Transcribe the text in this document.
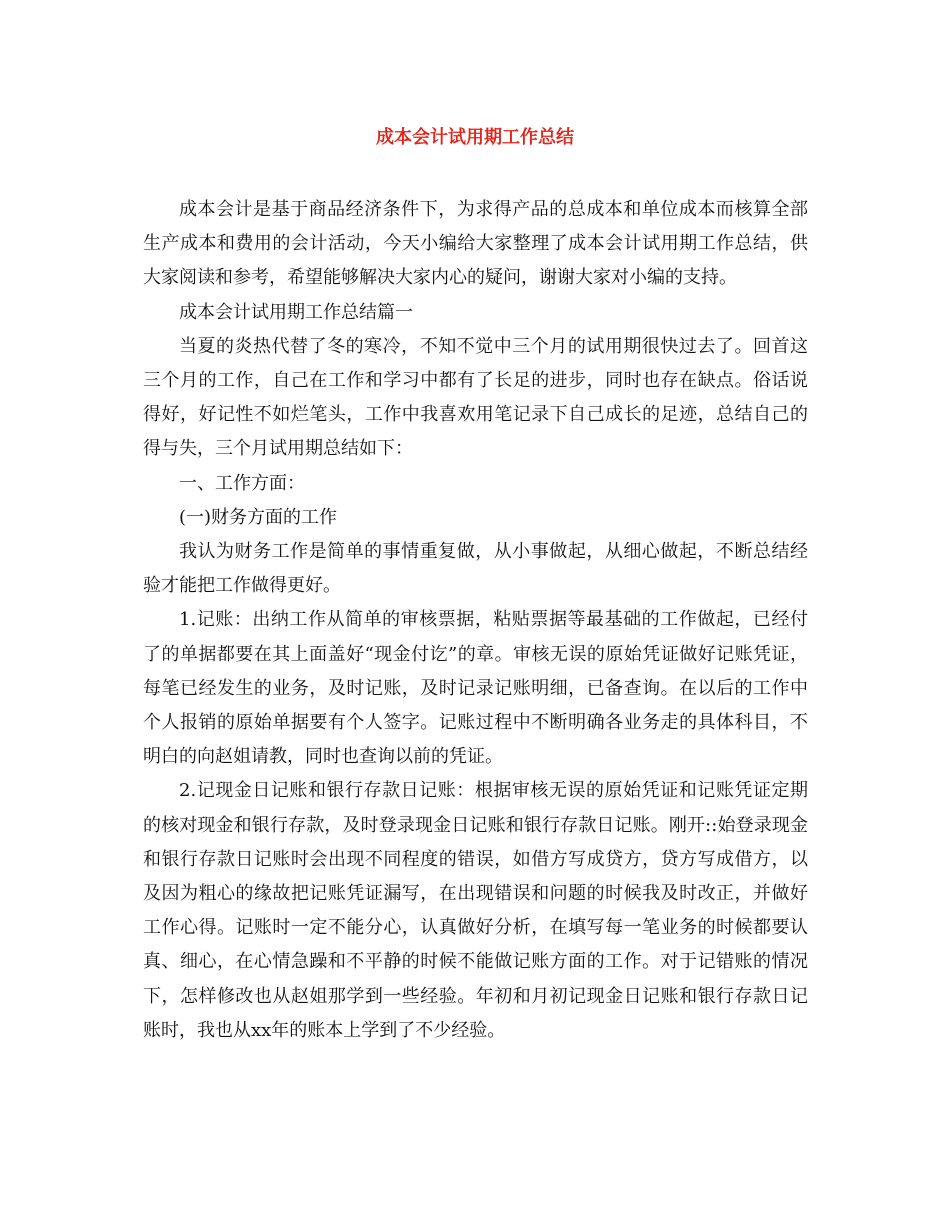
成本会计试用期工作总结

成本会计是基于商品经济条件下，为求得产品的总成本和单位成本而核算全部生产成本和费用的会计活动，今天小编给大家整理了成本会计试用期工作总结，供大家阅读和参考，希望能够解决大家内心的疑问，谢谢大家对小编的支持。

成本会计试用期工作总结篇一

当夏的炎热代替了冬的寒冷，不知不觉中三个月的试用期很快过去了。回首这三个月的工作，自己在工作和学习中都有了长足的进步，同时也存在缺点。俗话说得好，好记性不如烂笔头，工作中我喜欢用笔记录下自己成长的足迹，总结自己的得与失，三个月试用期总结如下：

一、工作方面：

(一)财务方面的工作

我认为财务工作是简单的事情重复做，从小事做起，从细心做起，不断总结经验才能把工作做得更好。

1.记账：出纳工作从简单的审核票据，粘贴票据等最基础的工作做起，已经付了的单据都要在其上面盖好“现金付讫”的章。审核无误的原始凭证做好记账凭证，每笔已经发生的业务，及时记账，及时记录记账明细，已备查询。在以后的工作中个人报销的原始单据要有个人签字。记账过程中不断明确各业务走的具体科目，不明白的向赵姐请教，同时也查询以前的凭证。

2.记现金日记账和银行存款日记账：根据审核无误的原始凭证和记账凭证定期的核对现金和银行存款，及时登录现金日记账和银行存款日记账。刚开::始登录现金和银行存款日记账时会出现不同程度的错误，如借方写成贷方，贷方写成借方，以及因为粗心的缘故把记账凭证漏写，在出现错误和问题的时候我及时改正，并做好工作心得。记账时一定不能分心，认真做好分析，在填写每一笔业务的时候都要认真、细心，在心情急躁和不平静的时候不能做记账方面的工作。对于记错账的情况下，怎样修改也从赵姐那学到一些经验。年初和月初记现金日记账和银行存款日记账时，我也从xx年的账本上学到了不少经验。
